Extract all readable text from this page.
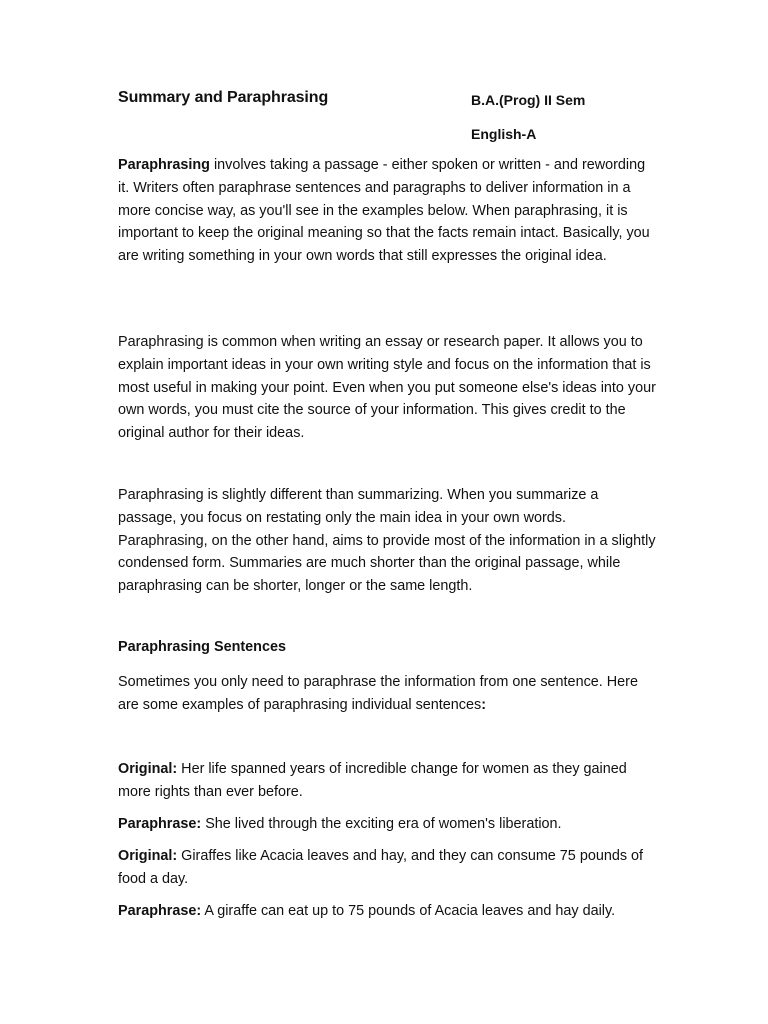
Summary and Paraphrasing	B.A.(Prog) II Sem
English-A

Paraphrasing involves taking a passage - either spoken or written - and rewording it. Writers often paraphrase sentences and paragraphs to deliver information in a more concise way, as you'll see in the examples below. When paraphrasing, it is important to keep the original meaning so that the facts remain intact. Basically, you are writing something in your own words that still expresses the original idea.

Paraphrasing is common when writing an essay or research paper. It allows you to explain important ideas in your own writing style and focus on the information that is most useful in making your point. Even when you put someone else's ideas into your own words, you must cite the source of your information. This gives credit to the original author for their ideas.

Paraphrasing is slightly different than summarizing. When you summarize a passage, you focus on restating only the main idea in your own words. Paraphrasing, on the other hand, aims to provide most of the information in a slightly condensed form. Summaries are much shorter than the original passage, while paraphrasing can be shorter, longer or the same length.

Paraphrasing Sentences

Sometimes you only need to paraphrase the information from one sentence. Here are some examples of paraphrasing individual sentences:

Original: Her life spanned years of incredible change for women as they gained more rights than ever before.

Paraphrase: She lived through the exciting era of women's liberation.

Original: Giraffes like Acacia leaves and hay, and they can consume 75 pounds of food a day.

Paraphrase: A giraffe can eat up to 75 pounds of Acacia leaves and hay daily.
